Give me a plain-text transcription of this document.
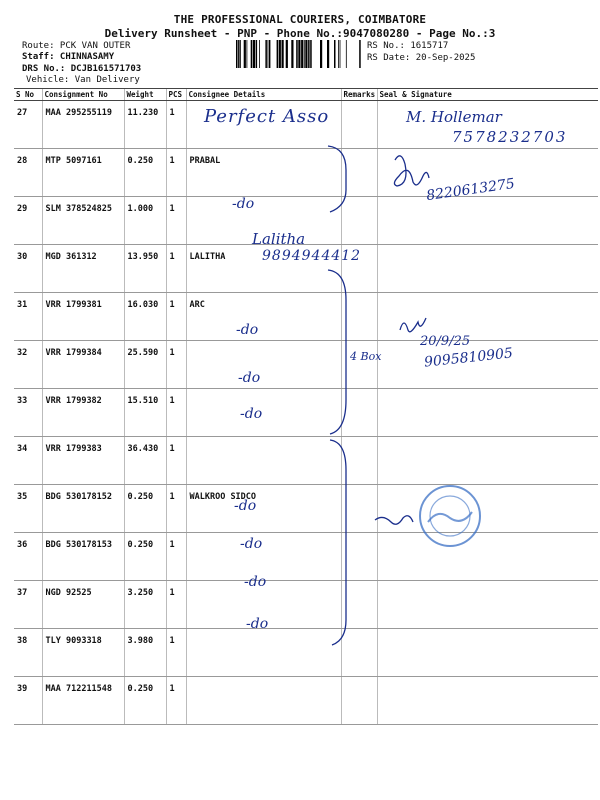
THE PROFESSIONAL COURIERS, COIMBATORE
Delivery Runsheet - PNP - Phone No.:9047080280 - Page No.:3
Route: PCK VAN OUTER
Staff: CHINNASAMY
DRS No.: DCJB161571703
Vehicle: Van Delivery
RS No.: 1615717
RS Date: 20-Sep-2025
S No	Consignment No	Weight	PCS	Consignee Details	Remarks	Seal & Signature
27	MAA 295255119	11.230	1			
28	MTP 5097161	0.250	1	PRABAL		
29	SLM 378524825	1.000	1			
30	MGD 361312	13.950	1	LALITHA		
31	VRR 1799381	16.030	1	ARC		
32	VRR 1799384	25.590	1			
33	VRR 1799382	15.510	1			
34	VRR 1799383	36.430	1			
35	BDG 530178152	0.250	1	WALKROO SIDCO		
36	BDG 530178153	0.250	1			
37	NGD 92525	3.250	1			
38	TLY 9093318	3.980	1			
39	MAA 712211548	0.250	1			
Perfect Asso	M. Hollemar
7578232703
-do	8220613275
Lalitha
9894944412
-do
4 Box
20/9/25
9095810905
-do
-do
-do
-do
-do
-do
